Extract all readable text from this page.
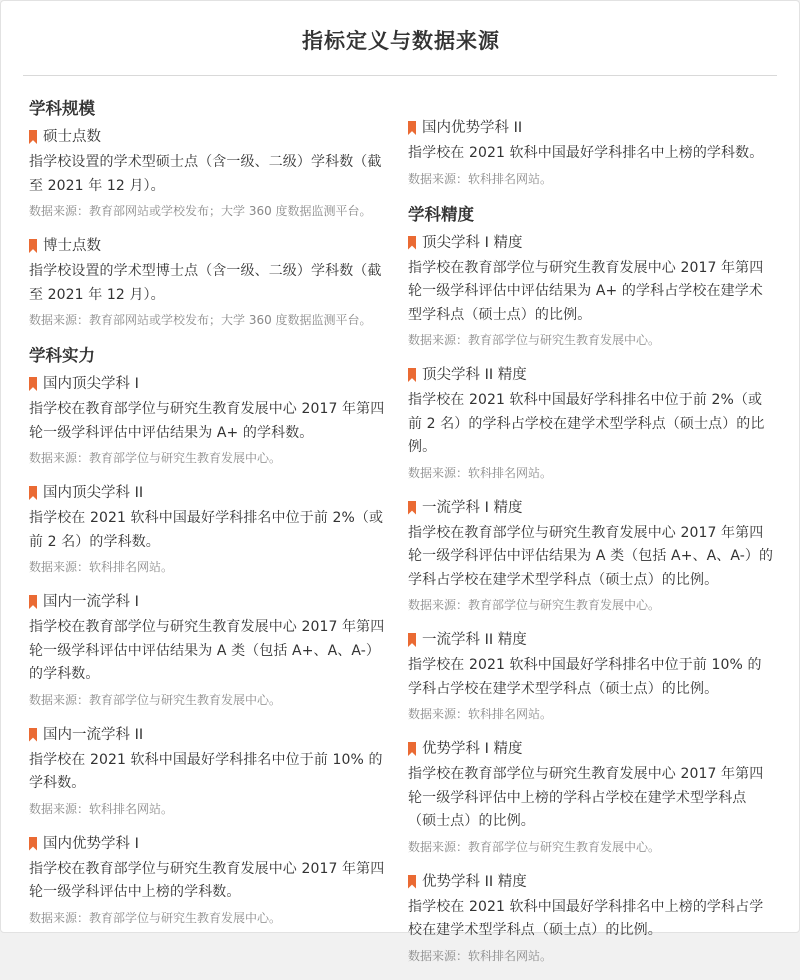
指标定义与数据来源
学科规模
硕士点数
指学校设置的学术型硕士点（含一级、二级）学科数（截至 2021 年 12 月）。
数据来源：教育部网站或学校发布；大学 360 度数据监测平台。
博士点数
指学校设置的学术型博士点（含一级、二级）学科数（截至 2021 年 12 月）。
数据来源：教育部网站或学校发布；大学 360 度数据监测平台。
学科实力
国内顶尖学科 I
指学校在教育部学位与研究生教育发展中心 2017 年第四轮一级学科评估中评估结果为 A+ 的学科数。
数据来源：教育部学位与研究生教育发展中心。
国内顶尖学科 II
指学校在 2021 软科中国最好学科排名中位于前 2%（或前 2 名）的学科数。
数据来源：软科排名网站。
国内一流学科 I
指学校在教育部学位与研究生教育发展中心 2017 年第四轮一级学科评估中评估结果为 A 类（包括 A+、A、A-）的学科数。
数据来源：教育部学位与研究生教育发展中心。
国内一流学科 II
指学校在 2021 软科中国最好学科排名中位于前 10% 的学科数。
数据来源：软科排名网站。
国内优势学科 I
指学校在教育部学位与研究生教育发展中心 2017 年第四轮一级学科评估中上榜的学科数。
数据来源：教育部学位与研究生教育发展中心。
国内优势学科 II
指学校在 2021 软科中国最好学科排名中上榜的学科数。
数据来源：软科排名网站。
学科精度
顶尖学科 I 精度
指学校在教育部学位与研究生教育发展中心 2017 年第四轮一级学科评估中评估结果为 A+ 的学科占学校在建学术型学科点（硕士点）的比例。
数据来源：教育部学位与研究生教育发展中心。
顶尖学科 II 精度
指学校在 2021 软科中国最好学科排名中位于前 2%（或前 2 名）的学科占学校在建学术型学科点（硕士点）的比例。
数据来源：软科排名网站。
一流学科 I 精度
指学校在教育部学位与研究生教育发展中心 2017 年第四轮一级学科评估中评估结果为 A 类（包括 A+、A、A-）的学科占学校在建学术型学科点（硕士点）的比例。
数据来源：教育部学位与研究生教育发展中心。
一流学科 II 精度
指学校在 2021 软科中国最好学科排名中位于前 10% 的学科占学校在建学术型学科点（硕士点）的比例。
数据来源：软科排名网站。
优势学科 I 精度
指学校在教育部学位与研究生教育发展中心 2017 年第四轮一级学科评估中上榜的学科占学校在建学术型学科点（硕士点）的比例。
数据来源：教育部学位与研究生教育发展中心。
优势学科 II 精度
指学校在 2021 软科中国最好学科排名中上榜的学科占学校在建学术型学科点（硕士点）的比例。
数据来源：软科排名网站。
